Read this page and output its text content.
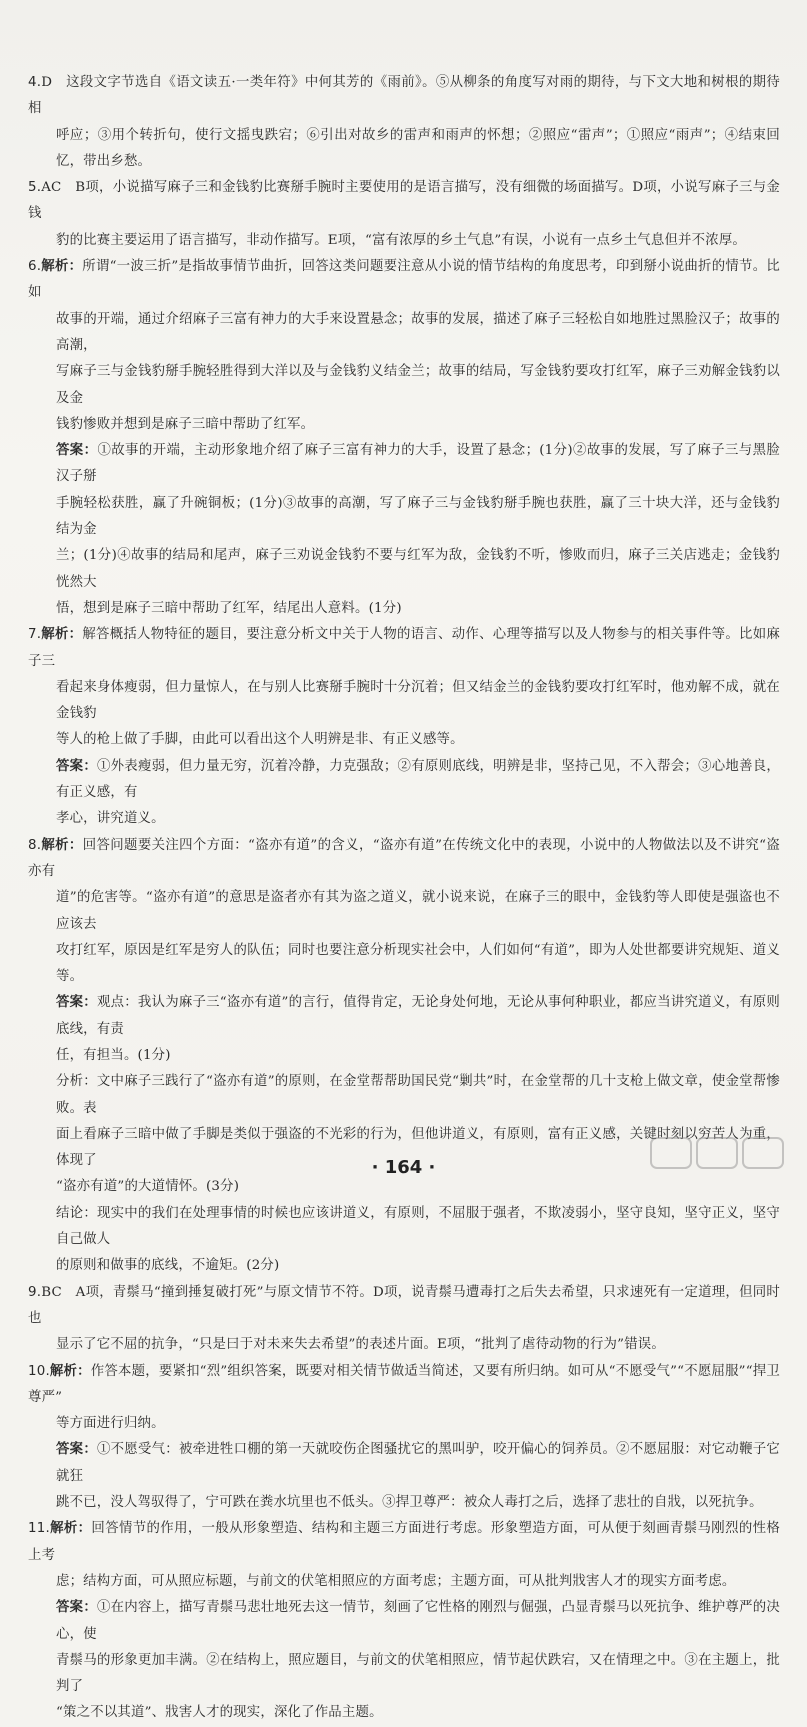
4.D　这段文字节选自《语文读五·一类年符》中何其芳的《雨前》。⑤从柳条的角度写对雨的期待，与下文大地和树根的期待相
呼应；③用个转折句，使行文摇曳跌宕；⑥引出对故乡的雷声和雨声的怀想；②照应“雷声”；①照应“雨声”；④结束回忆，带出乡愁。
5.AC　B项，小说描写麻子三和金钱豹比赛掰手腕时主要使用的是语言描写，没有细微的场面描写。D项，小说写麻子三与金钱
豹的比赛主要运用了语言描写，非动作描写。E项，“富有浓厚的乡土气息”有误，小说有一点乡土气息但并不浓厚。
6.解析：所谓“一波三折”是指故事情节曲折，回答这类问题要注意从小说的情节结构的角度思考，印到掰小说曲折的情节。比如
故事的开端，通过介绍麻子三富有神力的大手来设置悬念；故事的发展，描述了麻子三轻松自如地胜过黑脸汉子；故事的高潮，
写麻子三与金钱豹掰手腕轻胜得到大洋以及与金钱豹义结金兰；故事的结局，写金钱豹要攻打红军，麻子三劝解金钱豹以及金
钱豹惨败并想到是麻子三暗中帮助了红军。
答案：①故事的开端，主动形象地介绍了麻子三富有神力的大手，设置了悬念；(1分)②故事的发展，写了麻子三与黑脸汉子掰
手腕轻松获胜，赢了升碗铜板；(1分)③故事的高潮，写了麻子三与金钱豹掰手腕也获胜，赢了三十块大洋，还与金钱豹结为金
兰；(1分)④故事的结局和尾声，麻子三劝说金钱豹不要与红军为敌，金钱豹不听，惨败而归，麻子三关店逃走；金钱豹恍然大
悟，想到是麻子三暗中帮助了红军，结尾出人意料。(1分)
7.解析：解答概括人物特征的题目，要注意分析文中关于人物的语言、动作、心理等描写以及人物参与的相关事件等。比如麻子三
看起来身体瘦弱，但力量惊人，在与别人比赛掰手腕时十分沉着；但又结金兰的金钱豹要攻打红军时，他劝解不成，就在金钱豹
等人的枪上做了手脚，由此可以看出这个人明辨是非、有正义感等。
答案：①外表瘦弱，但力量无穷，沉着冷静，力克强敌；②有原则底线，明辨是非，坚持己见，不入帮会；③心地善良，有正义感，有
孝心，讲究道义。
8.解析：回答问题要关注四个方面：“盗亦有道”的含义，“盗亦有道”在传统文化中的表现，小说中的人物做法以及不讲究“盗亦有
道”的危害等。“盗亦有道”的意思是盗者亦有其为盗之道义，就小说来说，在麻子三的眼中，金钱豹等人即使是强盗也不应该去
攻打红军，原因是红军是穷人的队伍；同时也要注意分析现实社会中，人们如何“有道”，即为人处世都要讲究规矩、道义等。
答案：观点：我认为麻子三“盗亦有道”的言行，值得肯定，无论身处何地，无论从事何种职业，都应当讲究道义，有原则底线，有责
任，有担当。(1分)
分析：文中麻子三践行了“盗亦有道”的原则，在金堂帮帮助国民党“剿共”时，在金堂帮的几十支枪上做文章，使金堂帮惨败。表
面上看麻子三暗中做了手脚是类似于强盗的不光彩的行为，但他讲道义，有原则，富有正义感，关键时刻以穷苦人为重，体现了
“盗亦有道”的大道情怀。(3分)
结论：现实中的我们在处理事情的时候也应该讲道义，有原则，不屈服于强者，不欺凌弱小，坚守良知，坚守正义，坚守自己做人
的原则和做事的底线，不逾矩。(2分)
9.BC　A项，青鬃马“撞到捶复破打死”与原文情节不符。D项，说青鬃马遭毒打之后失去希望，只求速死有一定道理，但同时也
显示了它不屈的抗争，“只是曰于对未来失去希望”的表述片面。E项，“批判了虐待动物的行为”错误。
10.解析：作答本题，要紧扣“烈”组织答案，既要对相关情节做适当简述，又要有所归纳。如可从“不愿受气”“不愿屈服”“捍卫尊严”
等方面进行归纳。
答案：①不愿受气：被牵进牲口棚的第一天就咬伤企图骚扰它的黑叫驴，咬开偏心的饲养员。②不愿屈服：对它动鞭子它就狂
跳不已，没人驾驭得了，宁可跌在粪水坑里也不低头。③捍卫尊严：被众人毒打之后，选择了悲壮的自戕，以死抗争。
11.解析：回答情节的作用，一般从形象塑造、结构和主题三方面进行考虑。形象塑造方面，可从便于刻画青鬃马刚烈的性格上考
虑；结构方面，可从照应标题，与前文的伏笔相照应的方面考虑；主题方面，可从批判戕害人才的现实方面考虑。
答案：①在内容上，描写青鬃马悲壮地死去这一情节，刻画了它性格的刚烈与倔强，凸显青鬃马以死抗争、维护尊严的决心，使
青鬃马的形象更加丰满。②在结构上，照应题目，与前文的伏笔相照应，情节起伏跌宕，又在情理之中。③在主题上，批判了
“策之不以其道”、戕害人才的现实，深化了作品主题。
· 164 ·
